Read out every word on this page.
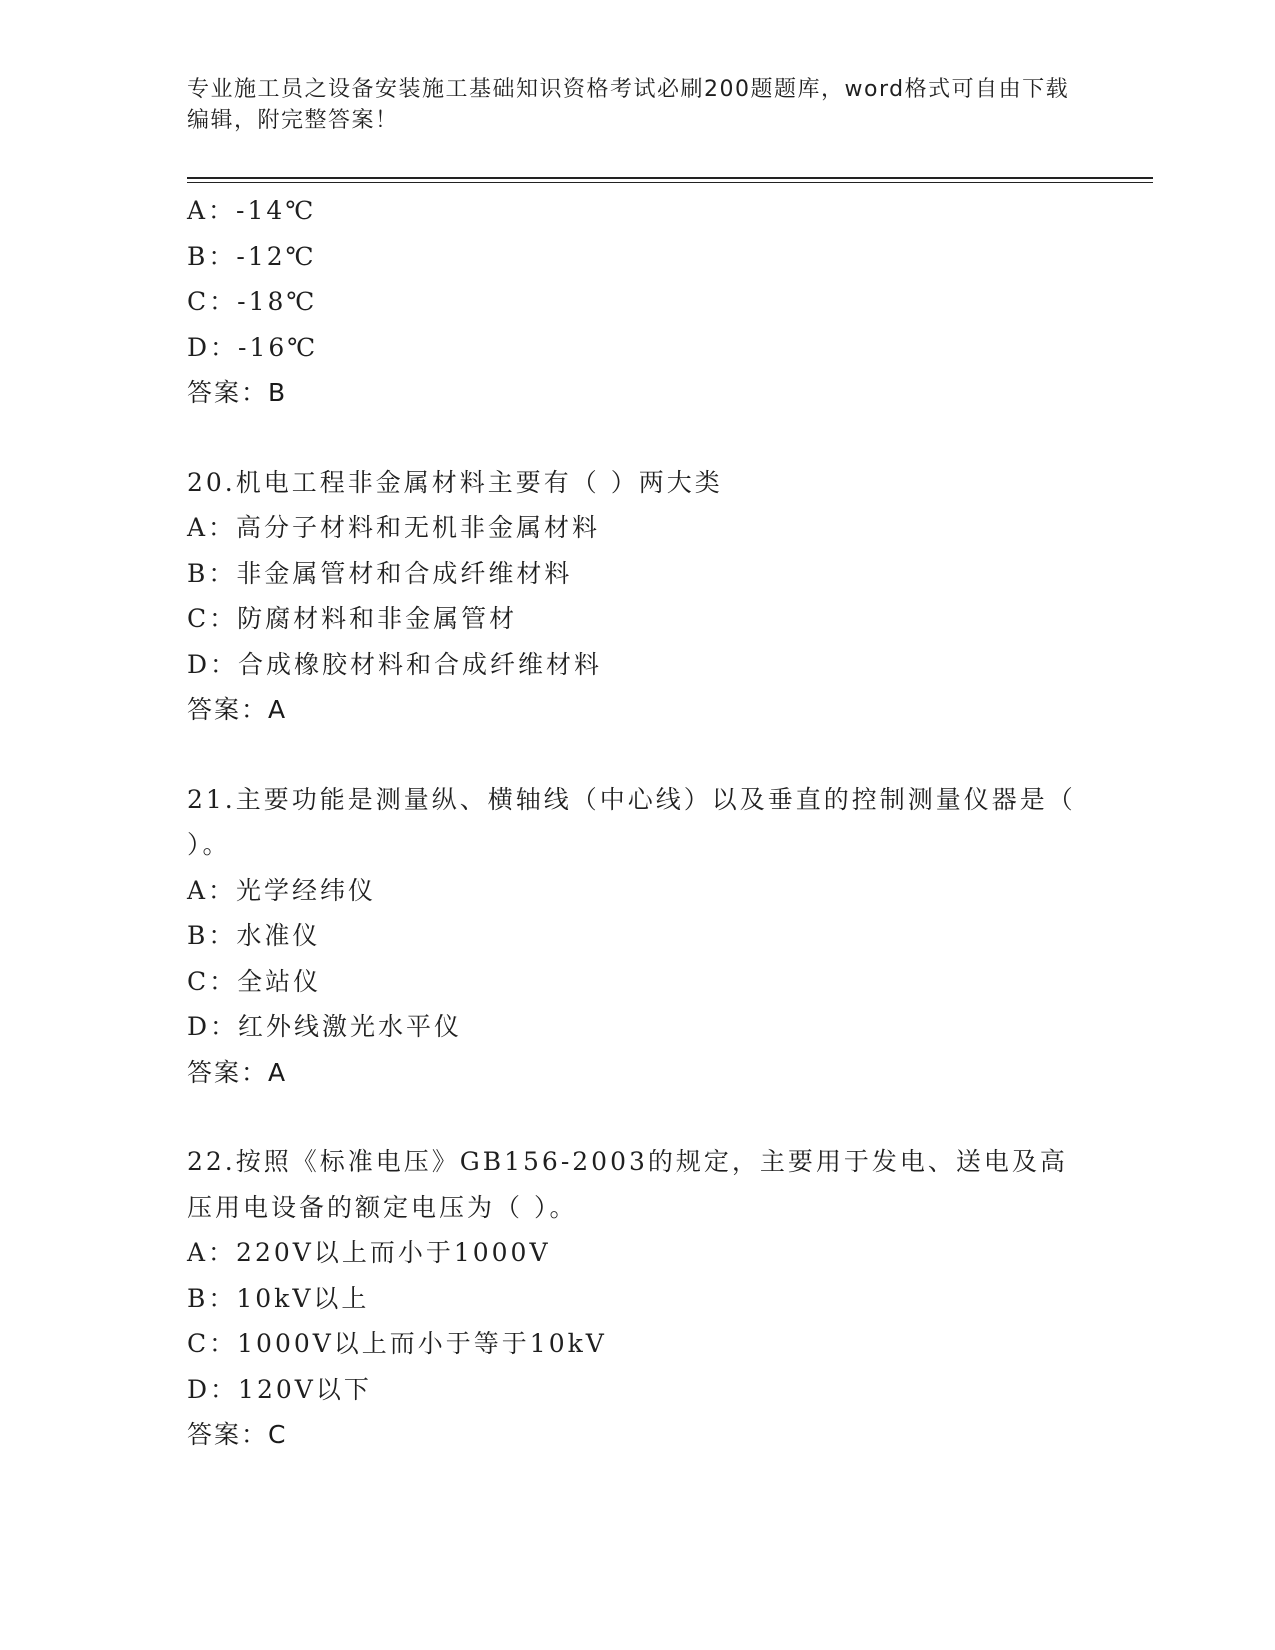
专业施工员之设备安装施工基础知识资格考试必刷200题题库，word格式可自由下载编辑，附完整答案！
A：-14℃
B：-12℃
C：-18℃
D：-16℃
答案：B
20.机电工程非金属材料主要有（ ）两大类
A：高分子材料和无机非金属材料
B：非金属管材和合成纤维材料
C：防腐材料和非金属管材
D：合成橡胶材料和合成纤维材料
答案：A
21.主要功能是测量纵、横轴线（中心线）以及垂直的控制测量仪器是（ ）。
A：光学经纬仪
B：水准仪
C：全站仪
D：红外线激光水平仪
答案：A
22.按照《标准电压》GB156-2003的规定，主要用于发电、送电及高压用电设备的额定电压为（ ）。
A：220V以上而小于1000V
B：10kV以上
C：1000V以上而小于等于10kV
D：120V以下
答案：C
